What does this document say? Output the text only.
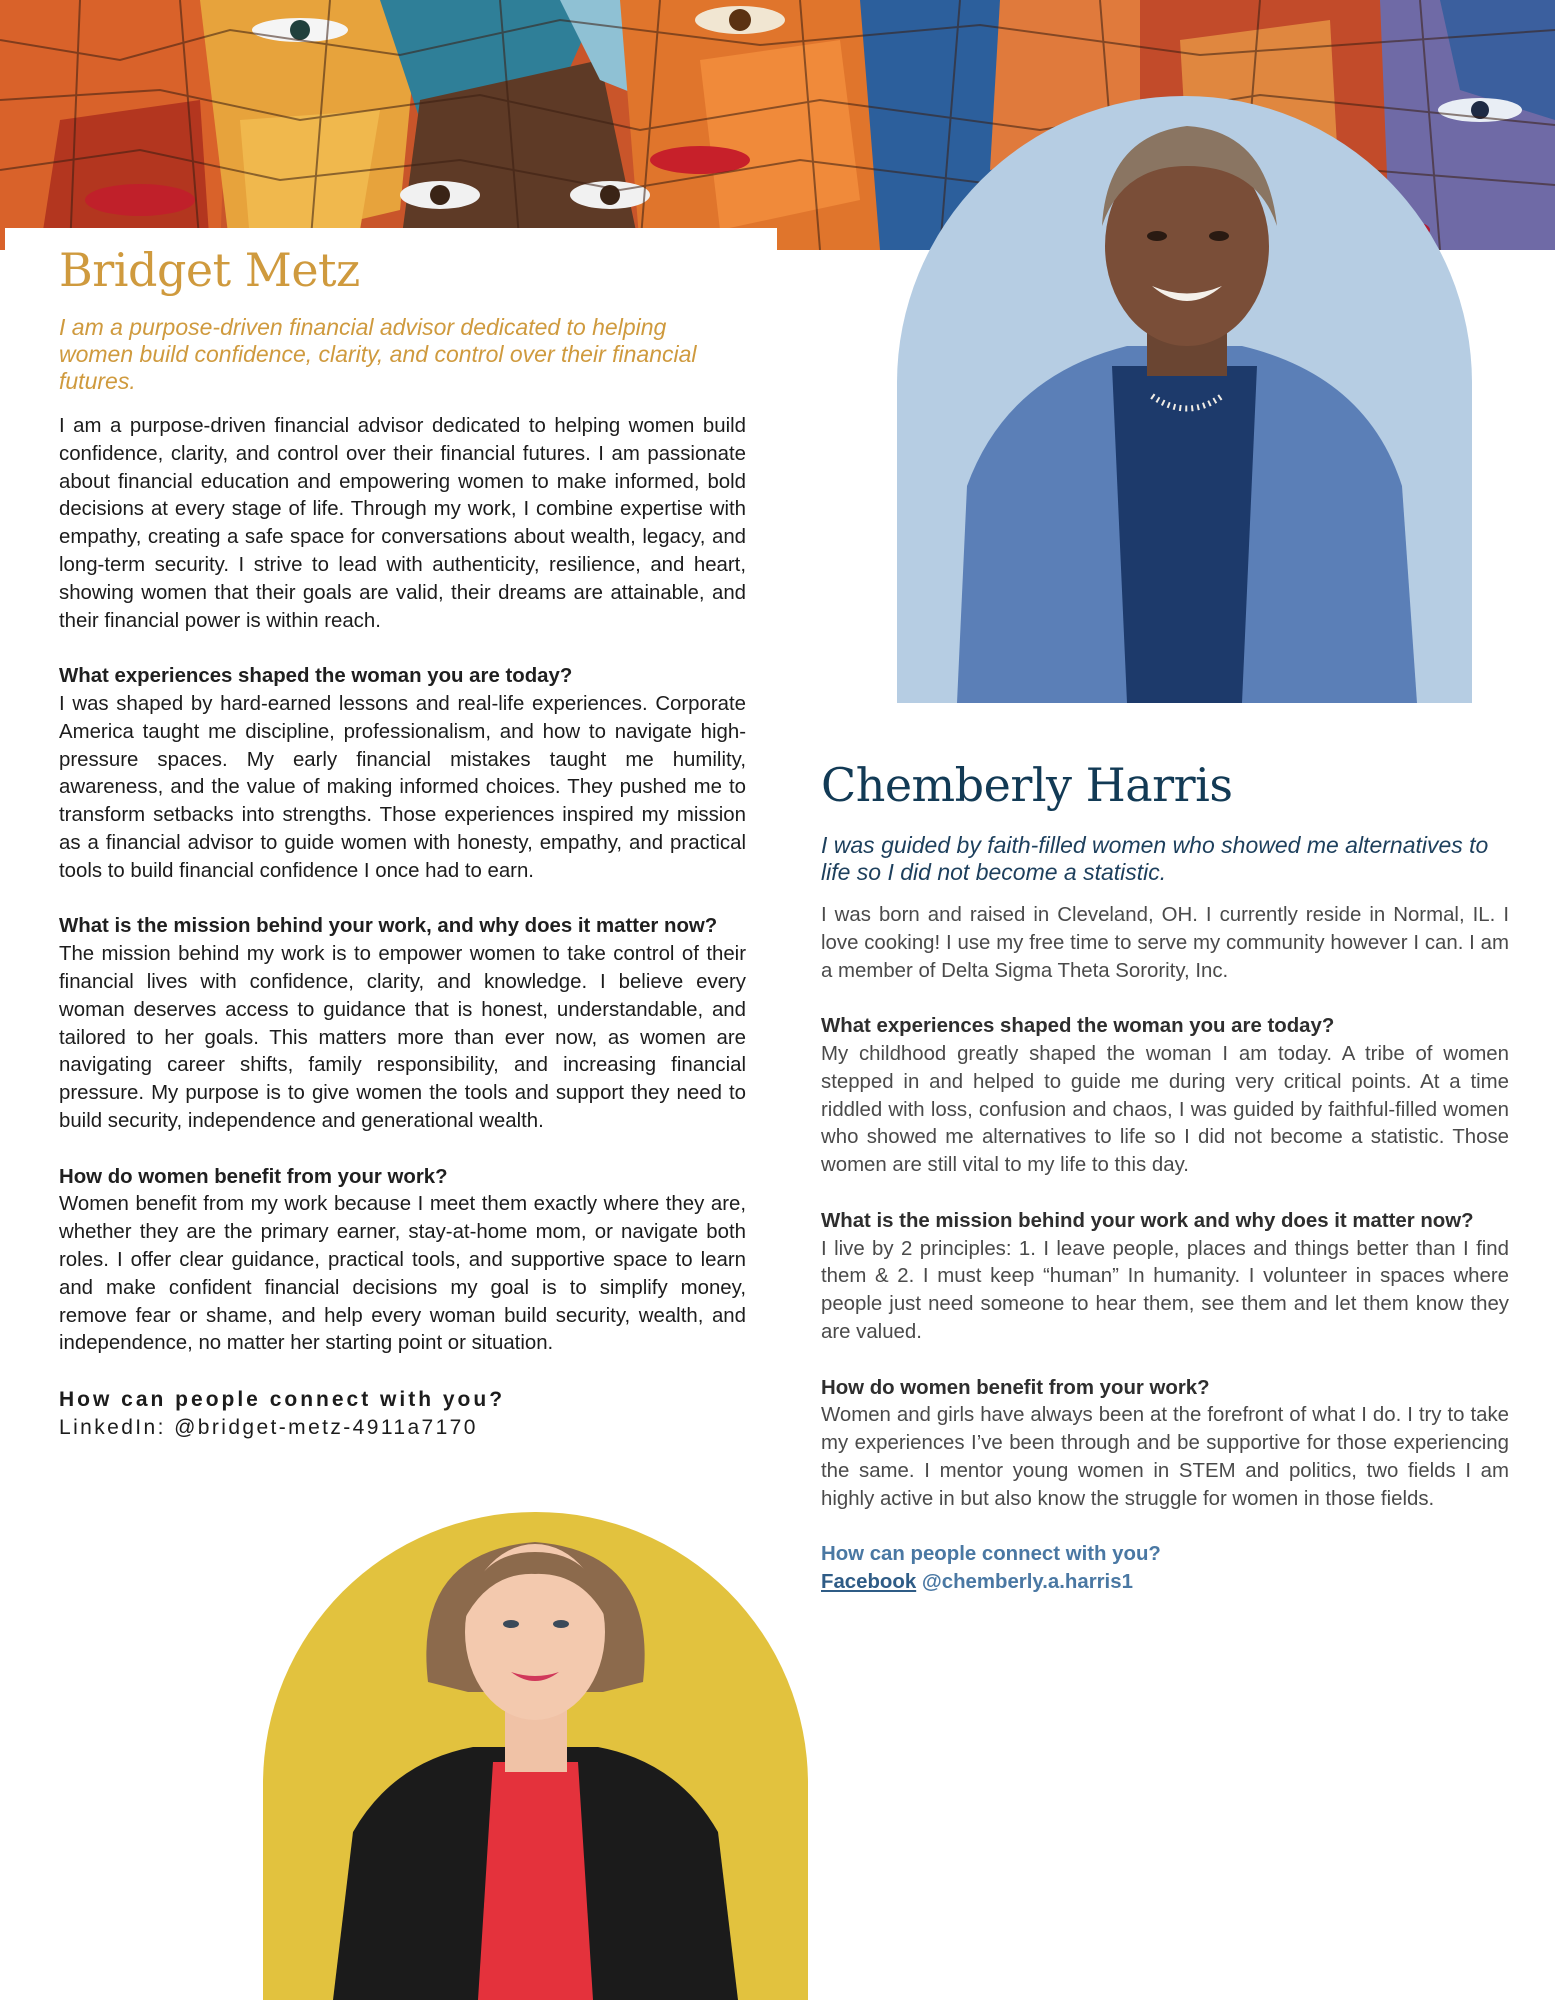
Bridget Metz

I am a purpose-driven financial advisor dedicated to helping women build confidence, clarity, and control over their financial futures.

I am a purpose-driven financial advisor dedicated to helping women build confidence, clarity, and control over their financial futures. I am passionate about financial education and empowering women to make informed, bold decisions at every stage of life. Through my work, I combine expertise with empathy, creating a safe space for conversations about wealth, legacy, and long-term security. I strive to lead with authenticity, resilience, and heart, showing women that their goals are valid, their dreams are attainable, and their financial power is within reach.

What experiences shaped the woman you are today?

I was shaped by hard-earned lessons and real-life experiences. Corporate America taught me discipline, professionalism, and how to navigate high-pressure spaces. My early financial mistakes taught me humility, awareness, and the value of making informed choices. They pushed me to transform setbacks into strengths. Those experiences inspired my mission as a financial advisor to guide women with honesty, empathy, and practical tools to build financial confidence I once had to earn.

What is the mission behind your work, and why does it matter now?

The mission behind my work is to empower women to take control of their financial lives with confidence, clarity, and knowledge. I believe every woman deserves access to guidance that is honest, understandable, and tailored to her goals. This matters more than ever now, as women are navigating career shifts, family responsibility, and increasing financial pressure. My purpose is to give women the tools and support they need to build security, independence and generational wealth.

How do women benefit from your work?

Women benefit from my work because I meet them exactly where they are, whether they are the primary earner, stay-at-home mom, or navigate both roles. I offer clear guidance, practical tools, and supportive space to learn and make confident financial decisions my goal is to simplify money, remove fear or shame, and help every woman build security, wealth, and independence, no matter her starting point or situation.

How can people connect with you?

LinkedIn: @bridget-metz-4911a7170

Chemberly Harris

I was guided by faith-filled women who showed me alternatives to life so I did not become a statistic.

I was born and raised in Cleveland, OH. I currently reside in Normal, IL. I love cooking! I use my free time to serve my community however I can. I am a member of Delta Sigma Theta Sorority, Inc.

What experiences shaped the woman you are today?

My childhood greatly shaped the woman I am today. A tribe of women stepped in and helped to guide me during very critical points. At a time riddled with loss, confusion and chaos, I was guided by faithful-filled women who showed me alternatives to life so I did not become a statistic. Those women are still vital to my life to this day.

What is the mission behind your work and why does it matter now?

I live by 2 principles: 1. I leave people, places and things better than I find them & 2. I must keep “human” In humanity. I volunteer in spaces where people just need someone to hear them, see them and let them know they are valued.

How do women benefit from your work?

Women and girls have always been at the forefront of what I do. I try to take my experiences I’ve been through and be supportive for those experiencing the same. I mentor young women in STEM and politics, two fields I am highly active in but also know the struggle for women in those fields.

How can people connect with you?

Facebook @chemberly.a.harris1
